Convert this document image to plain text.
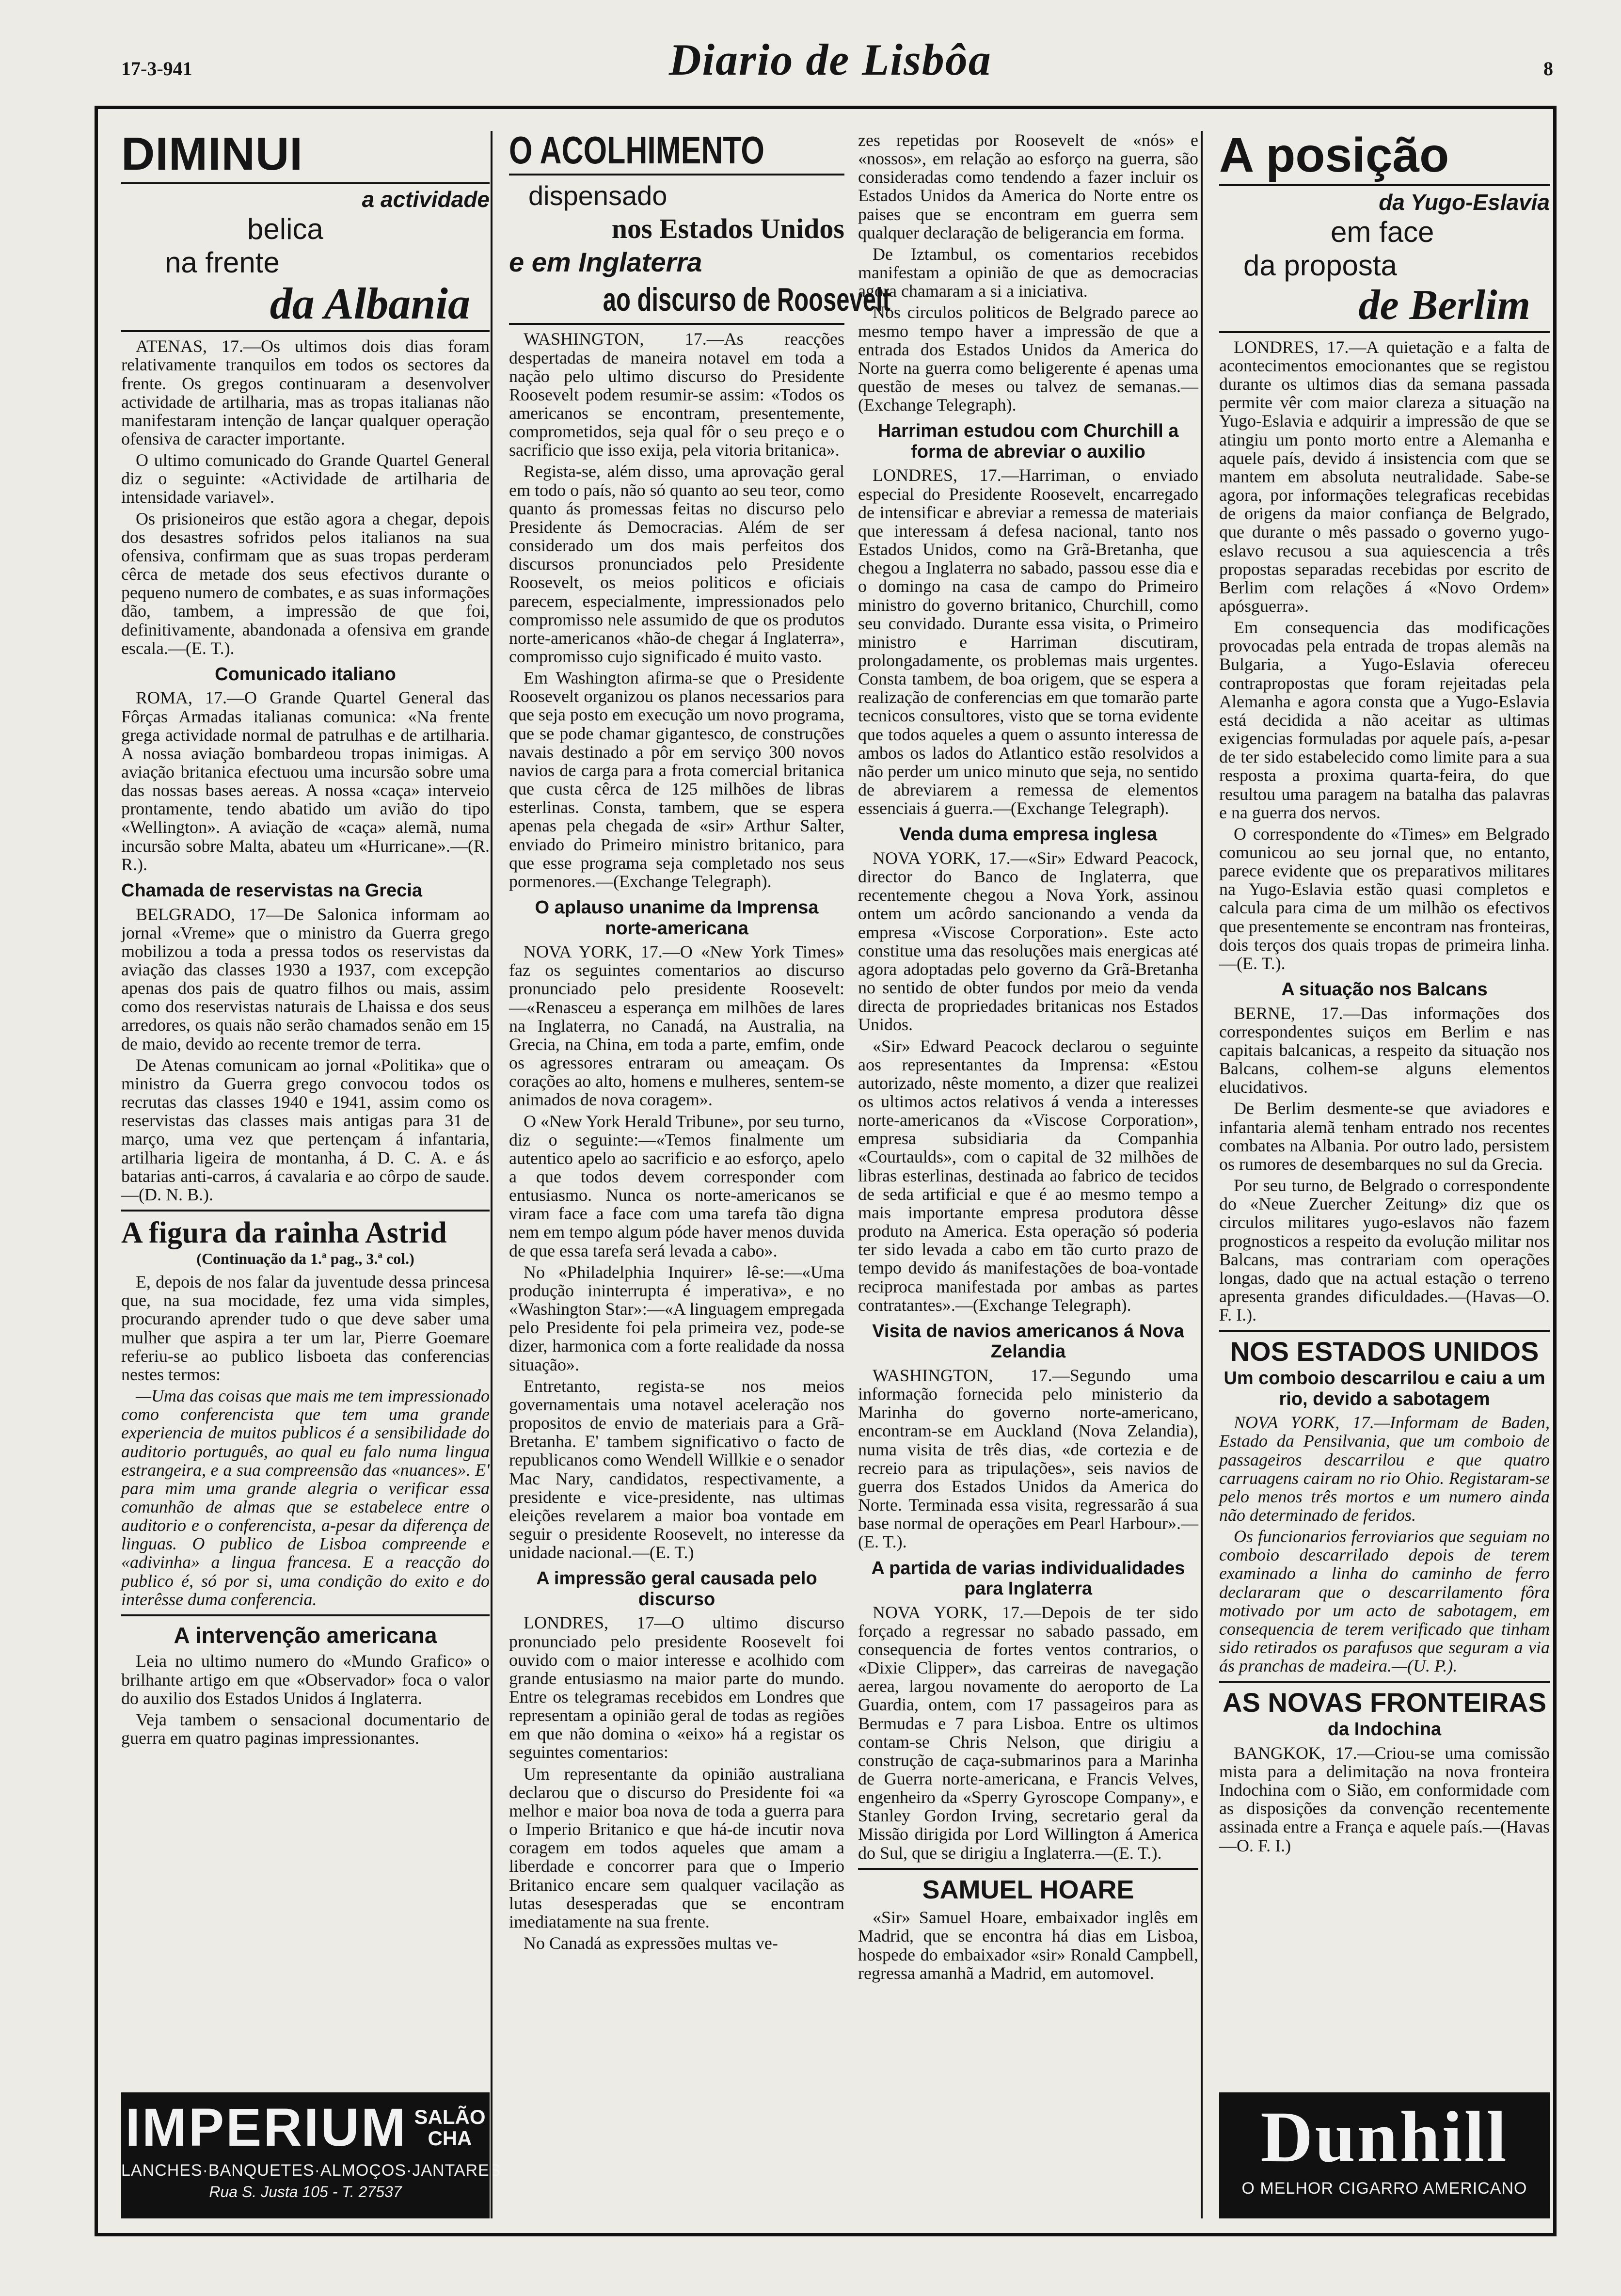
17-3-941	Diario de Lisbôa	8
DIMINUI
a actividade
belica
na frente
da Albania

ATENAS, 17.—Os ultimos dois dias foram relativamente tranquilos em todos os sectores da frente. Os gregos continuaram a desenvolver actividade de artilharia, mas as tropas italianas não manifestaram intenção de lançar qualquer operação ofensiva de caracter importante.

O ultimo comunicado do Grande Quartel General diz o seguinte: «Actividade de artilharia de intensidade variavel».

Os prisioneiros que estão agora a chegar, depois dos desastres sofridos pelos italianos na sua ofensiva, confirmam que as suas tropas perderam cêrca de metade dos seus efectivos durante o pequeno numero de combates, e as suas informações dão, tambem, a impressão de que foi, definitivamente, abandonada a ofensiva em grande escala.—(E. T.).

Comunicado italiano

ROMA, 17.—O Grande Quartel General das Fôrças Armadas italianas comunica: «Na frente grega actividade normal de patrulhas e de artilharia. A nossa aviação bombardeou tropas inimigas. A aviação britanica efectuou uma incursão sobre uma das nossas bases aereas. A nossa «caça» interveio prontamente, tendo abatido um avião do tipo «Wellington». A aviação de «caça» alemã, numa incursão sobre Malta, abateu um «Hurricane».—(R. R.).

Chamada de reservistas na Grecia

BELGRADO, 17—De Salonica informam ao jornal «Vreme» que o ministro da Guerra grego mobilizou a toda a pressa todos os reservistas da aviação das classes 1930 a 1937, com excepção apenas dos pais de quatro filhos ou mais, assim como dos reservistas naturais de Lhaissa e dos seus arredores, os quais não serão chamados senão em 15 de maio, devido ao recente tremor de terra.

De Atenas comunicam ao jornal «Politika» que o ministro da Guerra grego convocou todos os recrutas das classes 1940 e 1941, assim como os reservistas das classes mais antigas para 31 de março, uma vez que pertençam á infantaria, artilharia ligeira de montanha, á D. C. A. e ás batarias anti-carros, á cavalaria e ao côrpo de saude.—(D. N. B.).

A figura da rainha Astrid
(Continuação da 1.ª pag., 3.ª col.)

E, depois de nos falar da juventude dessa princesa que, na sua mocidade, fez uma vida simples, procurando aprender tudo o que deve saber uma mulher que aspira a ter um lar, Pierre Goemare referiu-se ao publico lisboeta das conferencias nestes termos:

—Uma das coisas que mais me tem impressionado como conferencista que tem uma grande experiencia de muitos publicos é a sensibilidade do auditorio português, ao qual eu falo numa lingua estrangeira, e a sua compreensão das «nuances». E' para mim uma grande alegria o verificar essa comunhão de almas que se estabelece entre o auditorio e o conferencista, a-pesar da diferença de linguas. O publico de Lisboa compreende e «adivinha» a lingua francesa. E a reacção do publico é, só por si, uma condição do exito e do interêsse duma conferencia.

A intervenção americana

Leia no ultimo numero do «Mundo Grafico» o brilhante artigo em que «Observador» foca o valor do auxilio dos Estados Unidos á Inglaterra.

Veja tambem o sensacional documentario de guerra em quatro paginas impressionantes.

IMPERIUM SALÃO
CHA
LANCHES·BANQUETES·ALMOÇOS·JANTARES
Rua S. Justa 105 - T. 27537
O ACOLHIMENTO
dispensado
nos Estados Unidos
e em Inglaterra
ao discurso de Roosevelt

WASHINGTON, 17.—As reacções despertadas de maneira notavel em toda a nação pelo ultimo discurso do Presidente Roosevelt podem resumir-se assim: «Todos os americanos se encontram, presentemente, comprometidos, seja qual fôr o seu preço e o sacrificio que isso exija, pela vitoria britanica».

Regista-se, além disso, uma aprovação geral em todo o país, não só quanto ao seu teor, como quanto ás promessas feitas no discurso pelo Presidente ás Democracias. Além de ser considerado um dos mais perfeitos dos discursos pronunciados pelo Presidente Roosevelt, os meios politicos e oficiais parecem, especialmente, impressionados pelo compromisso nele assumido de que os produtos norte-americanos «hão-de chegar á Inglaterra», compromisso cujo significado é muito vasto.

Em Washington afirma-se que o Presidente Roosevelt organizou os planos necessarios para que seja posto em execução um novo programa, que se pode chamar gigantesco, de construções navais destinado a pôr em serviço 300 novos navios de carga para a frota comercial britanica que custa cêrca de 125 milhões de libras esterlinas. Consta, tambem, que se espera apenas pela chegada de «sir» Arthur Salter, enviado do Primeiro ministro britanico, para que esse programa seja completado nos seus pormenores.—(Exchange Telegraph).

O aplauso unanime da Imprensa norte-americana

NOVA YORK, 17.—O «New York Times» faz os seguintes comentarios ao discurso pronunciado pelo presidente Roosevelt:—«Renasceu a esperança em milhões de lares na Inglaterra, no Canadá, na Australia, na Grecia, na China, em toda a parte, emfim, onde os agressores entraram ou ameaçam. Os corações ao alto, homens e mulheres, sentem-se animados de nova coragem».

O «New York Herald Tribune», por seu turno, diz o seguinte:—«Temos finalmente um autentico apelo ao sacrificio e ao esforço, apelo a que todos devem corresponder com entusiasmo. Nunca os norte-americanos se viram face a face com uma tarefa tão digna nem em tempo algum póde haver menos duvida de que essa tarefa será levada a cabo».

No «Philadelphia Inquirer» lê-se:—«Uma produção ininterrupta é imperativa», e no «Washington Star»:—«A linguagem empregada pelo Presidente foi pela primeira vez, pode-se dizer, harmonica com a forte realidade da nossa situação».

Entretanto, regista-se nos meios governamentais uma notavel aceleração nos propositos de envio de materiais para a Grã-Bretanha. E' tambem significativo o facto de republicanos como Wendell Willkie e o senador Mac Nary, candidatos, respectivamente, a presidente e vice-presidente, nas ultimas eleições revelarem a maior boa vontade em seguir o presidente Roosevelt, no interesse da unidade nacional.—(E. T.)

A impressão geral causada pelo discurso

LONDRES, 17—O ultimo discurso pronunciado pelo presidente Roosevelt foi ouvido com o maior interesse e acolhido com grande entusiasmo na maior parte do mundo. Entre os telegramas recebidos em Londres que representam a opinião geral de todas as regiões em que não domina o «eixo» há a registar os seguintes comentarios:

Um representante da opinião australiana declarou que o discurso do Presidente foi «a melhor e maior boa nova de toda a guerra para o Imperio Britanico e que há-de incutir nova coragem em todos aqueles que amam a liberdade e concorrer para que o Imperio Britanico encare sem qualquer vacilação as lutas desesperadas que se encontram imediatamente na sua frente.

No Canadá as expressões multas ve-

zes repetidas por Roosevelt de «nós» e «nossos», em relação ao esforço na guerra, são consideradas como tendendo a fazer incluir os Estados Unidos da America do Norte entre os paises que se encontram em guerra sem qualquer declaração de beligerancia em forma.

De Iztambul, os comentarios recebidos manifestam a opinião de que as democracias agora chamaram a si a iniciativa.

Nos circulos politicos de Belgrado parece ao mesmo tempo haver a impressão de que a entrada dos Estados Unidos da America do Norte na guerra como beligerente é apenas uma questão de meses ou talvez de semanas.—(Exchange Telegraph).

Harriman estudou com Churchill a forma de abreviar o auxilio

LONDRES, 17.—Harriman, o enviado especial do Presidente Roosevelt, encarregado de intensificar e abreviar a remessa de materiais que interessam á defesa nacional, tanto nos Estados Unidos, como na Grã-Bretanha, que chegou a Inglaterra no sabado, passou esse dia e o domingo na casa de campo do Primeiro ministro do governo britanico, Churchill, como seu convidado. Durante essa visita, o Primeiro ministro e Harriman discutiram, prolongadamente, os problemas mais urgentes. Consta tambem, de boa origem, que se espera a realização de conferencias em que tomarão parte tecnicos consultores, visto que se torna evidente que todos aqueles a quem o assunto interessa de ambos os lados do Atlantico estão resolvidos a não perder um unico minuto que seja, no sentido de abreviarem a remessa de elementos essenciais á guerra.—(Exchange Telegraph).

Venda duma empresa inglesa

NOVA YORK, 17.—«Sir» Edward Peacock, director do Banco de Inglaterra, que recentemente chegou a Nova York, assinou ontem um acôrdo sancionando a venda da empresa «Viscose Corporation». Este acto constitue uma das resoluções mais energicas até agora adoptadas pelo governo da Grã-Bretanha no sentido de obter fundos por meio da venda directa de propriedades britanicas nos Estados Unidos.

«Sir» Edward Peacock declarou o seguinte aos representantes da Imprensa: «Estou autorizado, nêste momento, a dizer que realizei os ultimos actos relativos á venda a interesses norte-americanos da «Viscose Corporation», empresa subsidiaria da Companhia «Courtaulds», com o capital de 32 milhões de libras esterlinas, destinada ao fabrico de tecidos de seda artificial e que é ao mesmo tempo a mais importante empresa produtora dêsse produto na America. Esta operação só poderia ter sido levada a cabo em tão curto prazo de tempo devido ás manifestações de boa-vontade reciproca manifestada por ambas as partes contratantes».—(Exchange Telegraph).

Visita de navios americanos á Nova Zelandia

WASHINGTON, 17.—Segundo uma informação fornecida pelo ministerio da Marinha do governo norte-americano, encontram-se em Auckland (Nova Zelandia), numa visita de três dias, «de cortezia e de recreio para as tripulações», seis navios de guerra dos Estados Unidos da America do Norte. Terminada essa visita, regressarão á sua base normal de operações em Pearl Harbour».—(E. T.).

A partida de varias individualidades para Inglaterra

NOVA YORK, 17.—Depois de ter sido forçado a regressar no sabado passado, em consequencia de fortes ventos contrarios, o «Dixie Clipper», das carreiras de navegação aerea, largou novamente do aeroporto de La Guardia, ontem, com 17 passageiros para as Bermudas e 7 para Lisboa. Entre os ultimos contam-se Chris Nelson, que dirigiu a construção de caça-submarinos para a Marinha de Guerra norte-americana, e Francis Velves, engenheiro da «Sperry Gyroscope Company», e Stanley Gordon Irving, secretario geral da Missão dirigida por Lord Willington á America do Sul, que se dirigiu a Inglaterra.—(E. T.).

SAMUEL HOARE

«Sir» Samuel Hoare, embaixador inglês em Madrid, que se encontra há dias em Lisboa, hospede do embaixador «sir» Ronald Campbell, regressa amanhã a Madrid, em automovel.

A posição
da Yugo-Eslavia
em face
da proposta
de Berlim

LONDRES, 17.—A quietação e a falta de acontecimentos emocionantes que se registou durante os ultimos dias da semana passada permite vêr com maior clareza a situação na Yugo-Eslavia e adquirir a impressão de que se atingiu um ponto morto entre a Alemanha e aquele país, devido á insistencia com que se mantem em absoluta neutralidade. Sabe-se agora, por informações telegraficas recebidas de origens da maior confiança de Belgrado, que durante o mês passado o governo yugo-eslavo recusou a sua aquiescencia a três propostas separadas recebidas por escrito de Berlim com relações á «Novo Ordem» apósguerra».

Em consequencia das modificações provocadas pela entrada de tropas alemãs na Bulgaria, a Yugo-Eslavia ofereceu contrapropostas que foram rejeitadas pela Alemanha e agora consta que a Yugo-Eslavia está decidida a não aceitar as ultimas exigencias formuladas por aquele país, a-pesar de ter sido estabelecido como limite para a sua resposta a proxima quarta-feira, do que resultou uma paragem na batalha das palavras e na guerra dos nervos.

O correspondente do «Times» em Belgrado comunicou ao seu jornal que, no entanto, parece evidente que os preparativos militares na Yugo-Eslavia estão quasi completos e calcula para cima de um milhão os efectivos que presentemente se encontram nas fronteiras, dois terços dos quais tropas de primeira linha.—(E. T.).

A situação nos Balcans

BERNE, 17.—Das informações dos correspondentes suiços em Berlim e nas capitais balcanicas, a respeito da situação nos Balcans, colhem-se alguns elementos elucidativos.

De Berlim desmente-se que aviadores e infantaria alemã tenham entrado nos recentes combates na Albania. Por outro lado, persistem os rumores de desembarques no sul da Grecia.

Por seu turno, de Belgrado o correspondente do «Neue Zuercher Zeitung» diz que os circulos militares yugo-eslavos não fazem prognosticos a respeito da evolução militar nos Balcans, mas contrariam com operações longas, dado que na actual estação o terreno apresenta grandes dificuldades.—(Havas—O. F. I.).

NOS ESTADOS UNIDOS
Um comboio descarrilou e caiu a um rio, devido a sabotagem

NOVA YORK, 17.—Informam de Baden, Estado da Pensilvania, que um comboio de passageiros descarrilou e que quatro carruagens cairam no rio Ohio. Registaram-se pelo menos três mortos e um numero ainda não determinado de feridos.

Os funcionarios ferroviarios que seguiam no comboio descarrilado depois de terem examinado a linha do caminho de ferro declararam que o descarrilamento fôra motivado por um acto de sabotagem, em consequencia de terem verificado que tinham sido retirados os parafusos que seguram a via ás pranchas de madeira.—(U. P.).

AS NOVAS FRONTEIRAS
da Indochina

BANGKOK, 17.—Criou-se uma comissão mista para a delimitação na nova fronteira Indochina com o Sião, em conformidade com as disposições da convenção recentemente assinada entre a França e aquele país.—(Havas—O. F. I.)

Dunhill
O MELHOR CIGARRO AMERICANO
